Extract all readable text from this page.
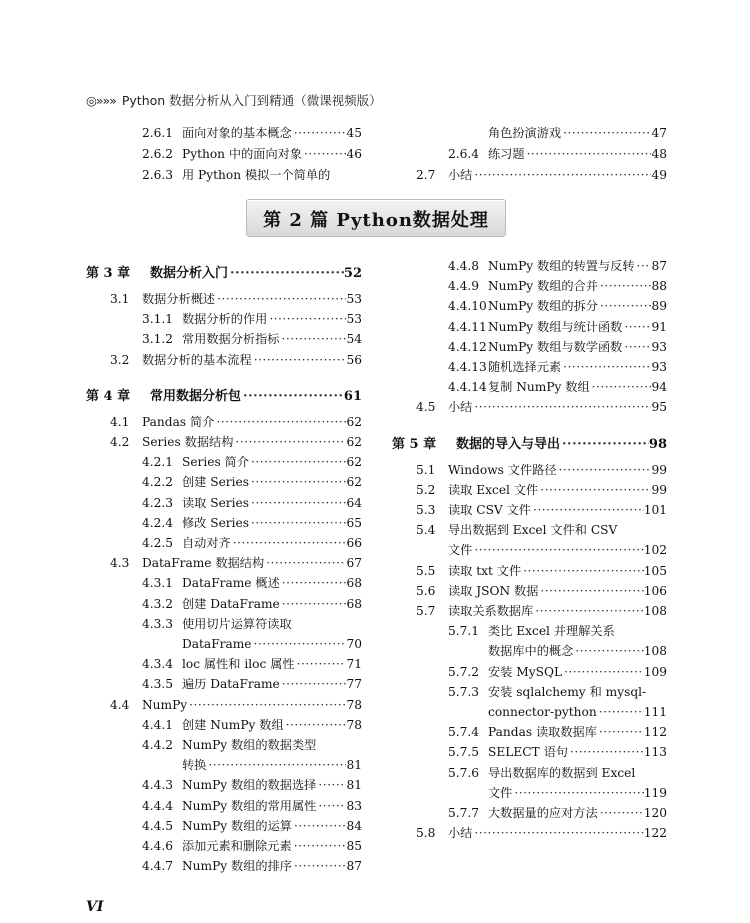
◎»»» Python 数据分析从入门到精通（微课视频版）
第 2 篇 Python数据处理
VI
2.6.1 面向对象的基本概念 ·····	45
2.6.2 Python 中的面向对象 ·····	46
2.6.3 用 Python 模拟一个简单的
角色扮演游戏 ·····	47
2.6.4 练习题 ·····	48
2.7 小结 ·····	49
第 3 章 数据分析入门 ·····	52
3.1 数据分析概述 ·····	53
3.1.1 数据分析的作用 ·····	53
3.1.2 常用数据分析指标 ·····	54
3.2 数据分析的基本流程 ·····	56
第 4 章 常用数据分析包 ·····	61
4.1 Pandas 简介 ·····	62
4.2 Series 数据结构 ·····	62
4.2.1 Series 简介 ·····	62
4.2.2 创建 Series ·····	62
4.2.3 读取 Series ·····	64
4.2.4 修改 Series ·····	65
4.2.5 自动对齐 ·····	66
4.3 DataFrame 数据结构 ·····	67
4.3.1 DataFrame 概述 ·····	68
4.3.2 创建 DataFrame ·····	68
4.3.3 使用切片运算符读取
DataFrame ·····	70
4.3.4 loc 属性和 iloc 属性 ·····	71
4.3.5 遍历 DataFrame ·····	77
4.4 NumPy ·····	78
4.4.1 创建 NumPy 数组 ·····	78
4.4.2 NumPy 数组的数据类型
转换 ·····	81
4.4.3 NumPy 数组的数据选择 ····· 81
4.4.4 NumPy 数组的常用属性 ····· 83
4.4.5 NumPy 数组的运算 ·····	84
4.4.6 添加元素和删除元素 ·····	85
4.4.7 NumPy 数组的排序 ·····	87
4.4.8 NumPy 数组的转置与反转 ····· 87
4.4.9 NumPy 数组的合并 ·····	88
4.4.10 NumPy 数组的拆分 ·····	89
4.4.11 NumPy 数组与统计函数 ····· 91
4.4.12 NumPy 数组与数学函数 ····· 93
4.4.13 随机选择元素 ·····	93
4.4.14 复制 NumPy 数组 ·····	94
4.5 小结 ·····	95
第 5 章 数据的导入与导出 ·····	98
5.1 Windows 文件路径 ·····	99
5.2 读取 Excel 文件 ·····	99
5.3 读取 CSV 文件 ·····	101
5.4 导出数据到 Excel 文件和 CSV
文件 ·····	102
5.5 读取 txt 文件 ·····	105
5.6 读取 JSON 数据 ·····	106
5.7 读取关系数据库 ·····	108
5.7.1 类比 Excel 并理解关系
数据库中的概念 ·····	108
5.7.2 安装 MySQL ·····	109
5.7.3 安装 sqlalchemy 和 mysql-
connector-python ·····	111
5.7.4 Pandas 读取数据库 ·····	112
5.7.5 SELECT 语句 ·····	113
5.7.6 导出数据库的数据到 Excel
文件 ·····	119
5.7.7 大数据量的应对方法 ·····	120
5.8 小结 ·····	122
